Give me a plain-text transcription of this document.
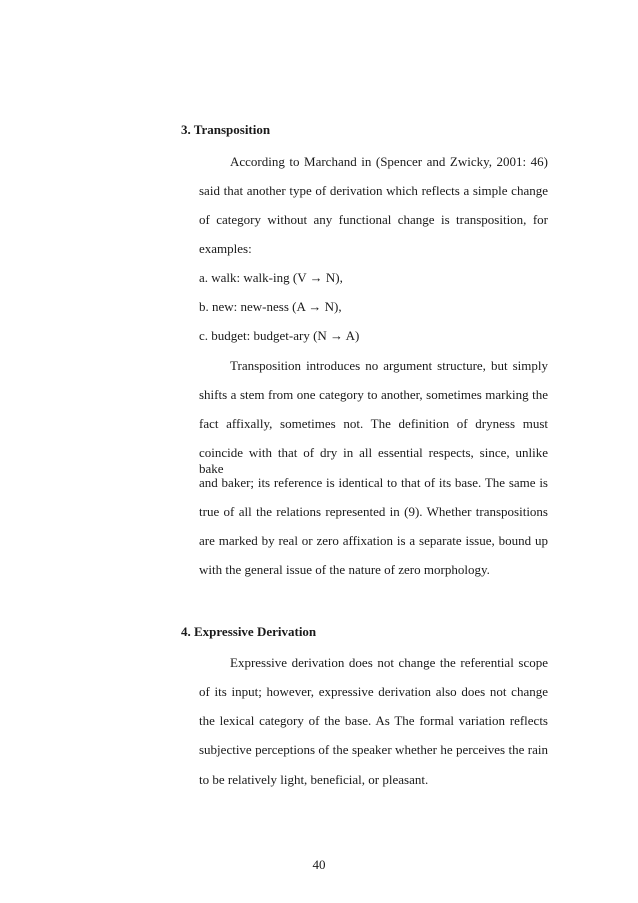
3. Transposition
According to Marchand in (Spencer and Zwicky, 2001: 46)
said that another type of derivation which reflects a simple change
of category without any functional change is transposition, for
examples:
a. walk: walk-ing (V → N),
b. new: new-ness (A → N),
c. budget: budget-ary (N → A)
Transposition introduces no argument structure, but simply
shifts a stem from one category to another, sometimes marking the
fact affixally, sometimes not. The definition of dryness must
coincide with that of dry in all essential respects, since, unlike bake
and baker; its reference is identical to that of its base. The same is
true of all the relations represented in (9). Whether transpositions
are marked by real or zero affixation is a separate issue, bound up
with the general issue of the nature of zero morphology.
4. Expressive Derivation
Expressive derivation does not change the referential scope
of its input; however, expressive derivation also does not change
the lexical category of the base. As The formal variation reflects
subjective perceptions of the speaker whether he perceives the rain
to be relatively light, beneficial, or pleasant.
40
